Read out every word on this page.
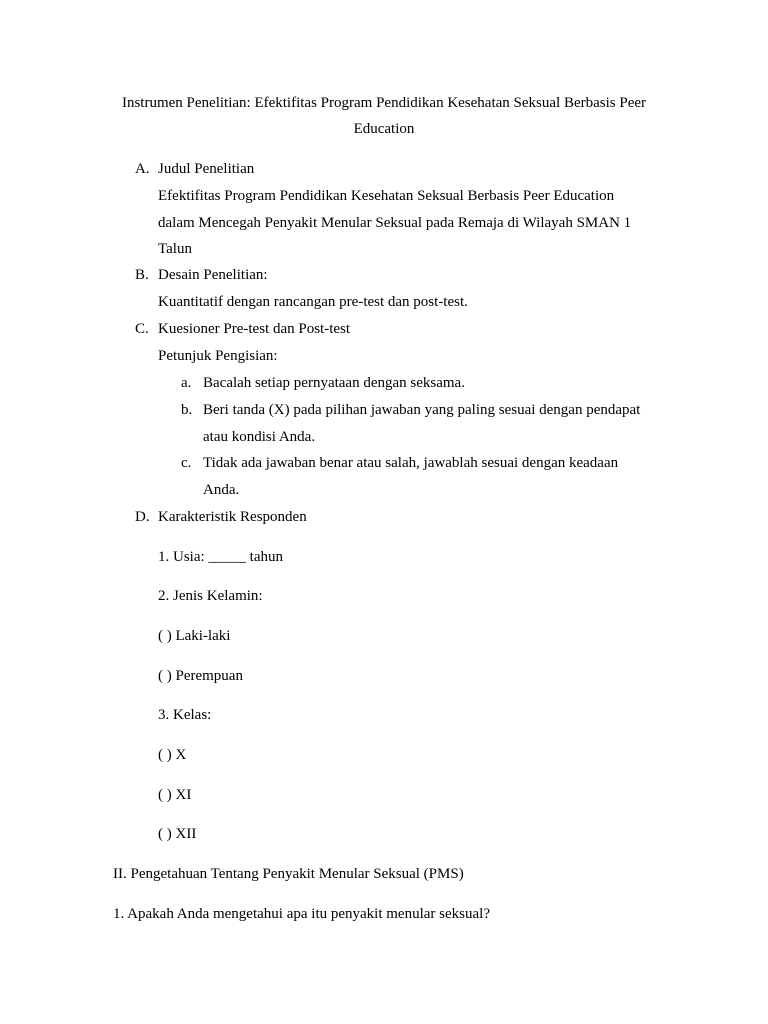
Instrumen Penelitian: Efektifitas Program Pendidikan Kesehatan Seksual Berbasis Peer
Education
A. Judul Penelitian
Efektifitas Program Pendidikan Kesehatan Seksual Berbasis Peer Education
dalam Mencegah Penyakit Menular Seksual pada Remaja di Wilayah SMAN 1
Talun
B. Desain Penelitian:
Kuantitatif dengan rancangan pre-test dan post-test.
C. Kuesioner Pre-test dan Post-test
Petunjuk Pengisian:
a. Bacalah setiap pernyataan dengan seksama.
b. Beri tanda (X) pada pilihan jawaban yang paling sesuai dengan pendapat
atau kondisi Anda.
c. Tidak ada jawaban benar atau salah, jawablah sesuai dengan keadaan
Anda.
D. Karakteristik Responden
1. Usia: _____ tahun
2. Jenis Kelamin:
( ) Laki-laki
( ) Perempuan
3. Kelas:
( ) X
( ) XI
( ) XII
II. Pengetahuan Tentang Penyakit Menular Seksual (PMS)
1. Apakah Anda mengetahui apa itu penyakit menular seksual?
